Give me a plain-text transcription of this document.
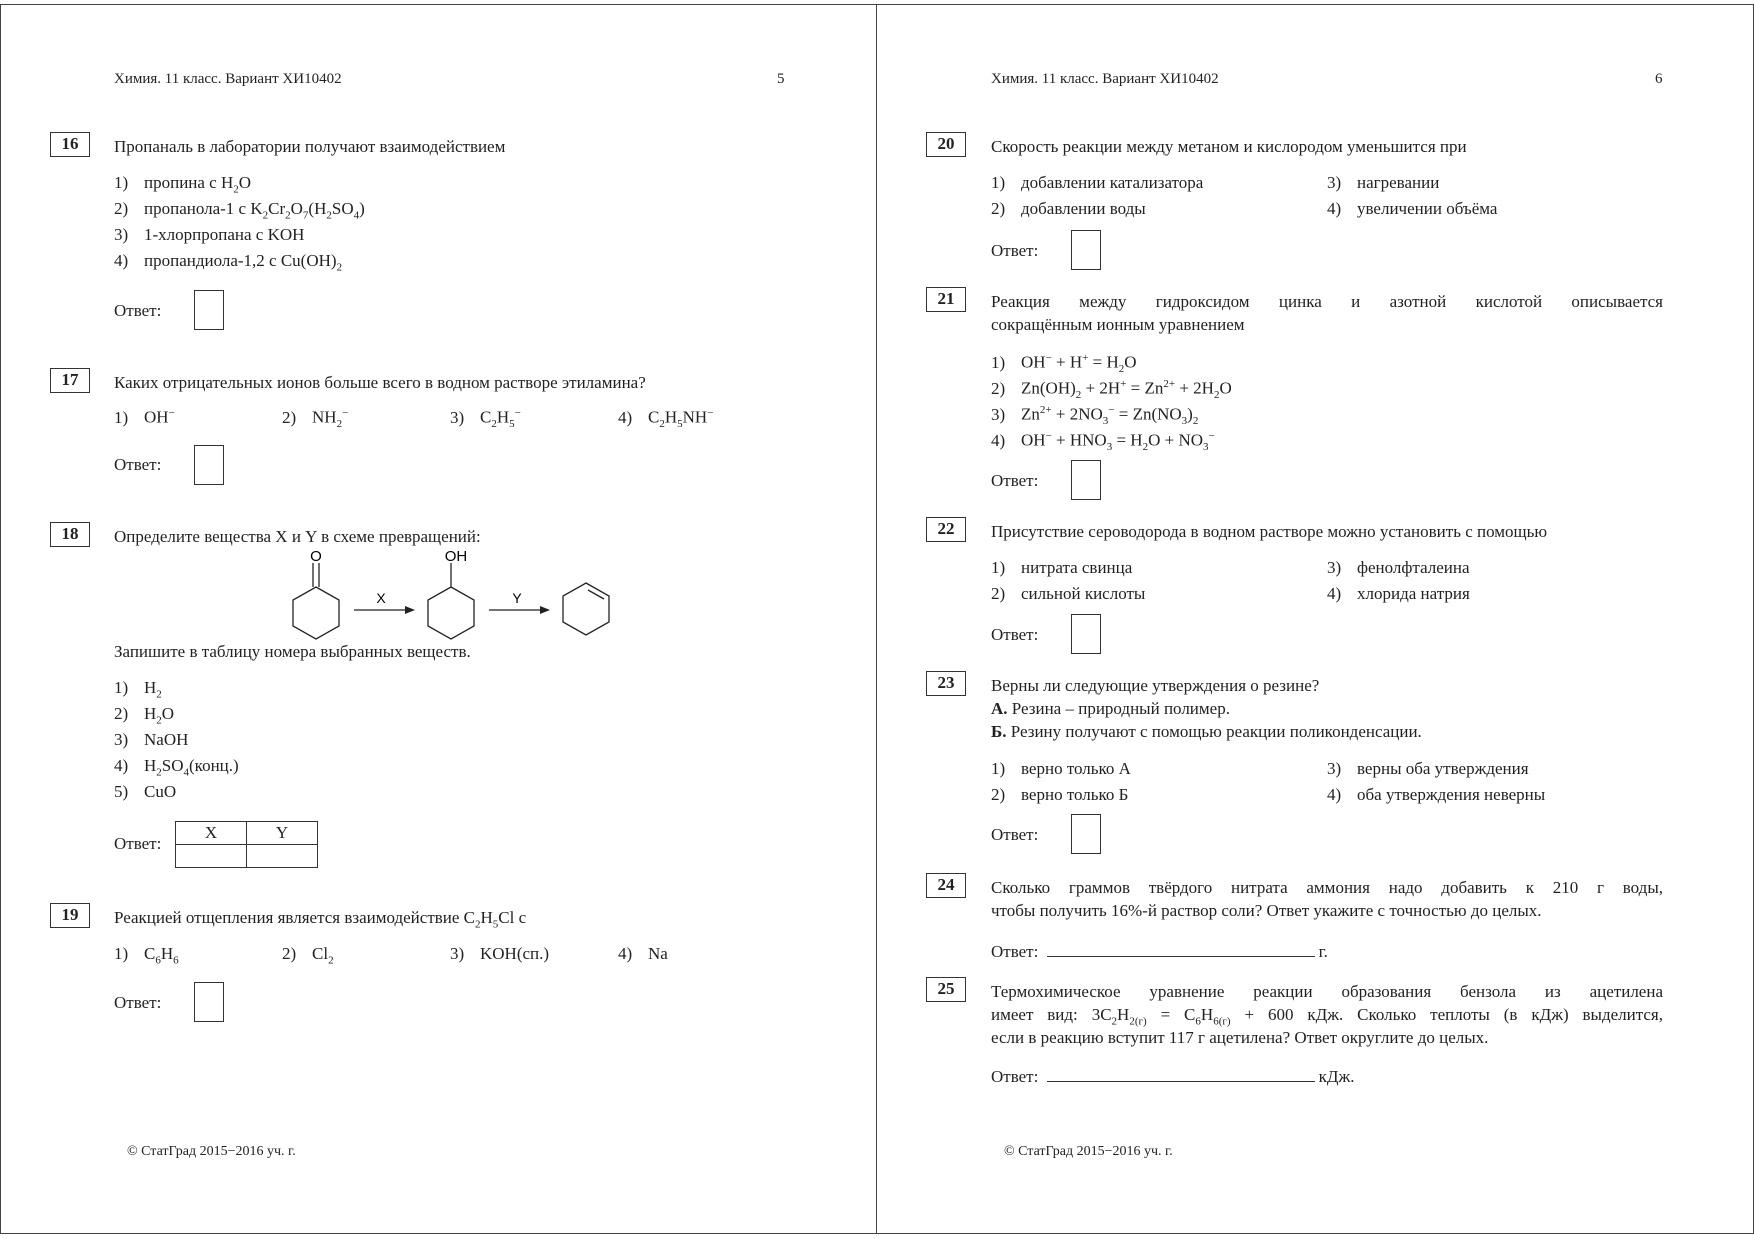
Химия. 11 класс. Вариант ХИ10402	5
16	Пропаналь в лаборатории получают взаимодействием
1) пропина с $H_2O$
2) пропанола-1 с $K_2Cr_2O_7(H_2SO_4)$
3) 1-хлорпропана с KOH
4) пропандиола-1,2 с $Cu(OH)_2$
Ответ:
17	Каких отрицательных ионов больше всего в водном растворе этиламина?
1) OH−	2) $NH_2^-$	3) $C_2H_5^-$	4) $C_2H_5NH^-$
Ответ:
18	Определите вещества X и Y в схеме превращений:
O
X
OH
Y
Запишите в таблицу номера выбранных веществ.
1) $H_2$
2) $H_2O$
3) NaOH
4) $H_2SO_4(конц.)$
5) CuO
Ответ:
X	Y

19	Реакцией отщепления является взаимодействие $C_2H_5Cl$ с
1) $C_6H_6$	2) $Cl_2$	3) KOH(сп.)	4) Na
Ответ:
© СтатГрад 2015−2016 уч. г.
Химия. 11 класс. Вариант ХИ10402	6
20	Скорость реакции между метаном и кислородом уменьшится при
1) добавлении катализатора
2) добавлении воды
3) нагревании
4) увеличении объёма
Ответ:
21	Реакция между гидроксидом цинка и азотной кислотой описывается
сокращённым ионным уравнением
1) $OH^- + H^+ = H_2O$
2) $Zn(OH)_2 + 2H^+ = Zn^{2+} + 2H_2O$
3) $Zn^{2+} + 2NO_3^- = Zn(NO_3)_2$
4) $OH^- + HNO_3 = H_2O + NO_3^-$
Ответ:
22	Присутствие сероводорода в водном растворе можно установить с помощью
1) нитрата свинца
2) сильной кислоты
3) фенолфталеина
4) хлорида натрия
Ответ:
23	Верны ли следующие утверждения о резине?
А. Резина – природный полимер.
Б. Резину получают с помощью реакции поликонденсации.
1) верно только А
2) верно только Б
3) верны оба утверждения
4) оба утверждения неверны
Ответ:
24	Сколько граммов твёрдого нитрата аммония надо добавить к 210 г воды,
чтобы получить 16%-й раствор соли? Ответ укажите с точностью до целых.
Ответ:	г.
25	Термохимическое уравнение реакции образования бензола из ацетилена
имеет вид: $3C_2H_{2(г)} = C_6H_{6(г)} + 600$ кДж. Сколько теплоты (в кДж) выделится,
если в реакцию вступит 117 г ацетилена? Ответ округлите до целых.
Ответ:	кДж.
© СтатГрад 2015−2016 уч. г.
